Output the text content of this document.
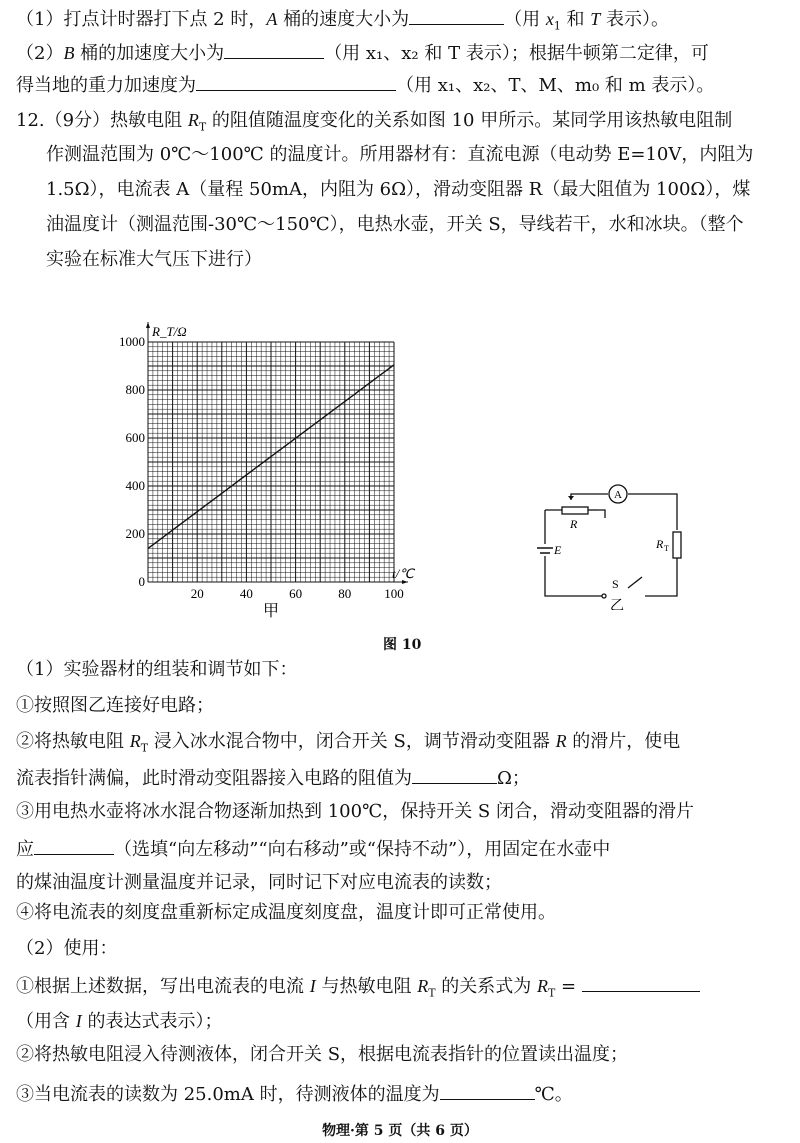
（1）打点计时器打下点 2 时，A 桶的速度大小为	（用 $x_1$ 和 T 表示）。
（2）B 桶的加速度大小为	（用 x₁、x₂ 和 T 表示）；根据牛顿第二定律，可
得当地的重力加速度为	（用 x₁、x₂、T、M、m₀ 和 m 表示）。
12.（9分）热敏电阻 $R_T$ 的阻值随温度变化的关系如图 10 甲所示。某同学用该热敏电阻制
作测温范围为 0℃～100℃ 的温度计。所用器材有：直流电源（电动势 E=10V，内阻为
1.5Ω），电流表 A（量程 50mA，内阻为 6Ω），滑动变阻器 R（最大阻值为 100Ω），煤
油温度计（测温范围-30℃～150℃），电热水壶，开关 S，导线若干，水和冰块。（整个
实验在标准大气压下进行）
20	40	60	80	100
0
200
400
600
800
1000
t/℃
R_T/Ω
甲
A
R
E	R T
S
乙
图 10
（1）实验器材的组装和调节如下：
①按照图乙连接好电路；
②将热敏电阻 $R_T$ 浸入冰水混合物中，闭合开关 S，调节滑动变阻器 R 的滑片，使电
流表指针满偏，此时滑动变阻器接入电路的阻值为	Ω；
③用电热水壶将冰水混合物逐渐加热到 100℃，保持开关 S 闭合，滑动变阻器的滑片
应	（选填“向左移动”“向右移动”或“保持不动”），用固定在水壶中
的煤油温度计测量温度并记录，同时记下对应电流表的读数；
④将电流表的刻度盘重新标定成温度刻度盘，温度计即可正常使用。
（2）使用：
①根据上述数据，写出电流表的电流 I 与热敏电阻 $R_T$ 的关系式为 $R_T$ =
（用含 I 的表达式表示）；
②将热敏电阻浸入待测液体，闭合开关 S，根据电流表指针的位置读出温度；
③当电流表的读数为 25.0mA 时，待测液体的温度为	℃。
物理·第 5 页（共 6 页）
